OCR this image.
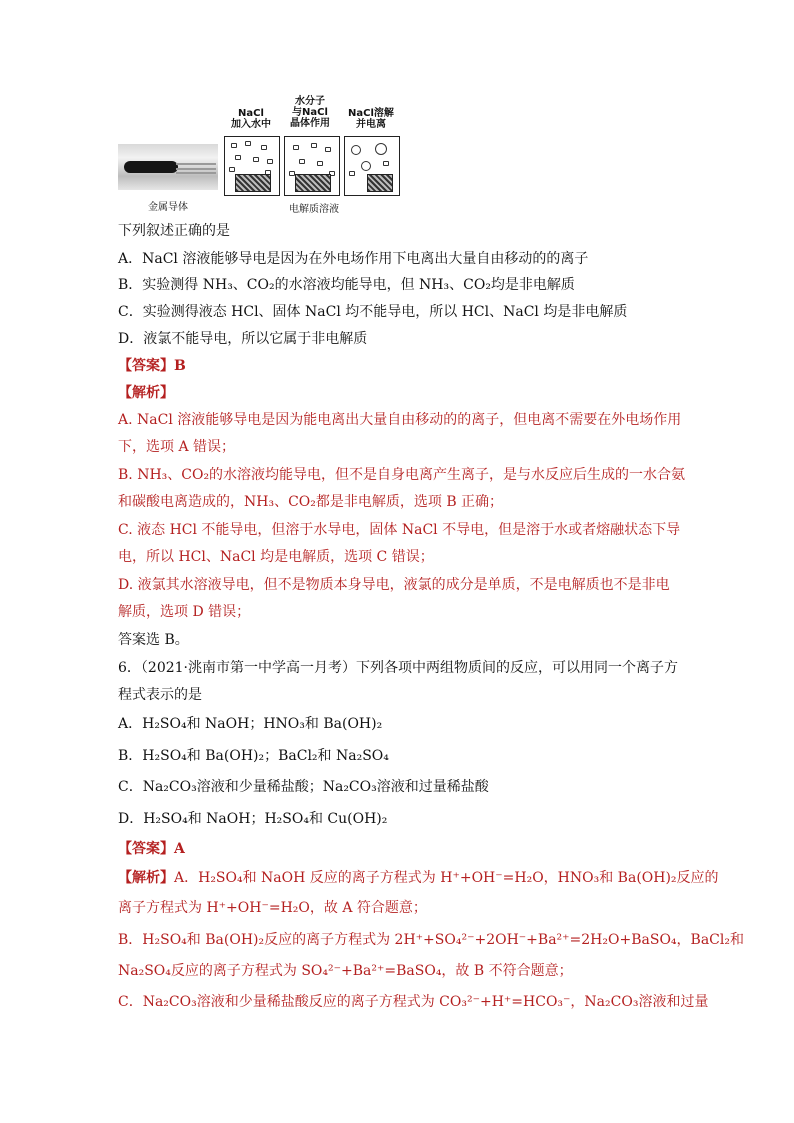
金属导体
NaCl
加入水中
水分子
与NaCl
晶体作用
NaCl溶解
并电离
电解质溶液
下列叙述正确的是
A．NaCl 溶液能够导电是因为在外电场作用下电离出大量自由移动的的离子
B．实验测得 NH₃、CO₂的水溶液均能导电，但 NH₃、CO₂均是非电解质
C．实验测得液态 HCl、固体 NaCl 均不能导电，所以 HCl、NaCl 均是非电解质
D．液氯不能导电，所以它属于非电解质
【答案】B
【解析】
A. NaCl 溶液能够导电是因为能电离出大量自由移动的的离子，但电离不需要在外电场作用
下，选项 A 错误；
B. NH₃、CO₂的水溶液均能导电，但不是自身电离产生离子，是与水反应后生成的一水合氨
和碳酸电离造成的，NH₃、CO₂都是非电解质，选项 B 正确；
C. 液态 HCl 不能导电，但溶于水导电，固体 NaCl 不导电，但是溶于水或者熔融状态下导
电，所以 HCl、NaCl 均是电解质，选项 C 错误；
D. 液氯其水溶液导电，但不是物质本身导电，液氯的成分是单质，不是电解质也不是非电
解质，选项 D 错误；
答案选 B。
6．（2021·洮南市第一中学高一月考）下列各项中两组物质间的反应，可以用同一个离子方
程式表示的是
A．H₂SO₄和 NaOH；HNO₃和 Ba(OH)₂
B．H₂SO₄和 Ba(OH)₂；BaCl₂和 Na₂SO₄
C．Na₂CO₃溶液和少量稀盐酸；Na₂CO₃溶液和过量稀盐酸
D．H₂SO₄和 NaOH；H₂SO₄和 Cu(OH)₂
【答案】A
【解析】A．H₂SO₄和 NaOH 反应的离子方程式为 H⁺+OH⁻=H₂O，HNO₃和 Ba(OH)₂反应的
离子方程式为 H⁺+OH⁻=H₂O，故 A 符合题意；
B．H₂SO₄和 Ba(OH)₂反应的离子方程式为 2H⁺+SO₄²⁻+2OH⁻+Ba²⁺=2H₂O+BaSO₄，BaCl₂和
Na₂SO₄反应的离子方程式为 SO₄²⁻+Ba²⁺=BaSO₄，故 B 不符合题意；
C．Na₂CO₃溶液和少量稀盐酸反应的离子方程式为 CO₃²⁻+H⁺=HCO₃⁻，Na₂CO₃溶液和过量
